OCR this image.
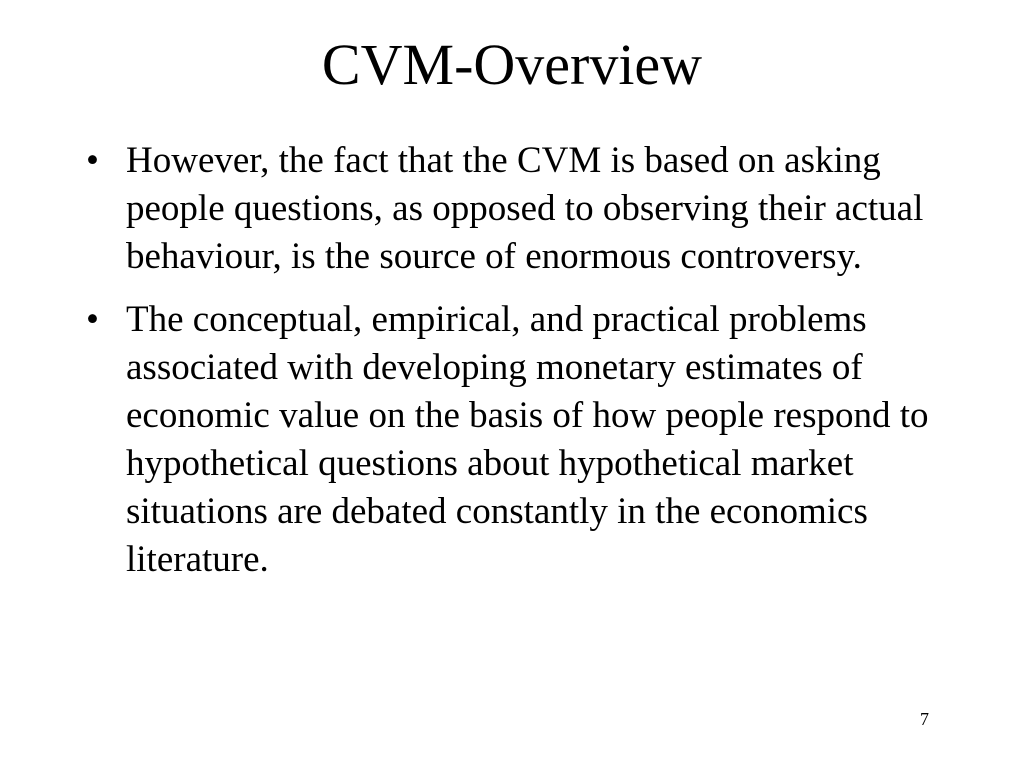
CVM-Overview
• However, the fact that the CVM is based on asking people questions, as opposed to observing their actual behaviour, is the source of enormous controversy.
• The conceptual, empirical, and practical problems associated with developing monetary estimates of economic value on the basis of how people respond to hypothetical questions about hypothetical market situations are debated constantly in the economics literature.
7
